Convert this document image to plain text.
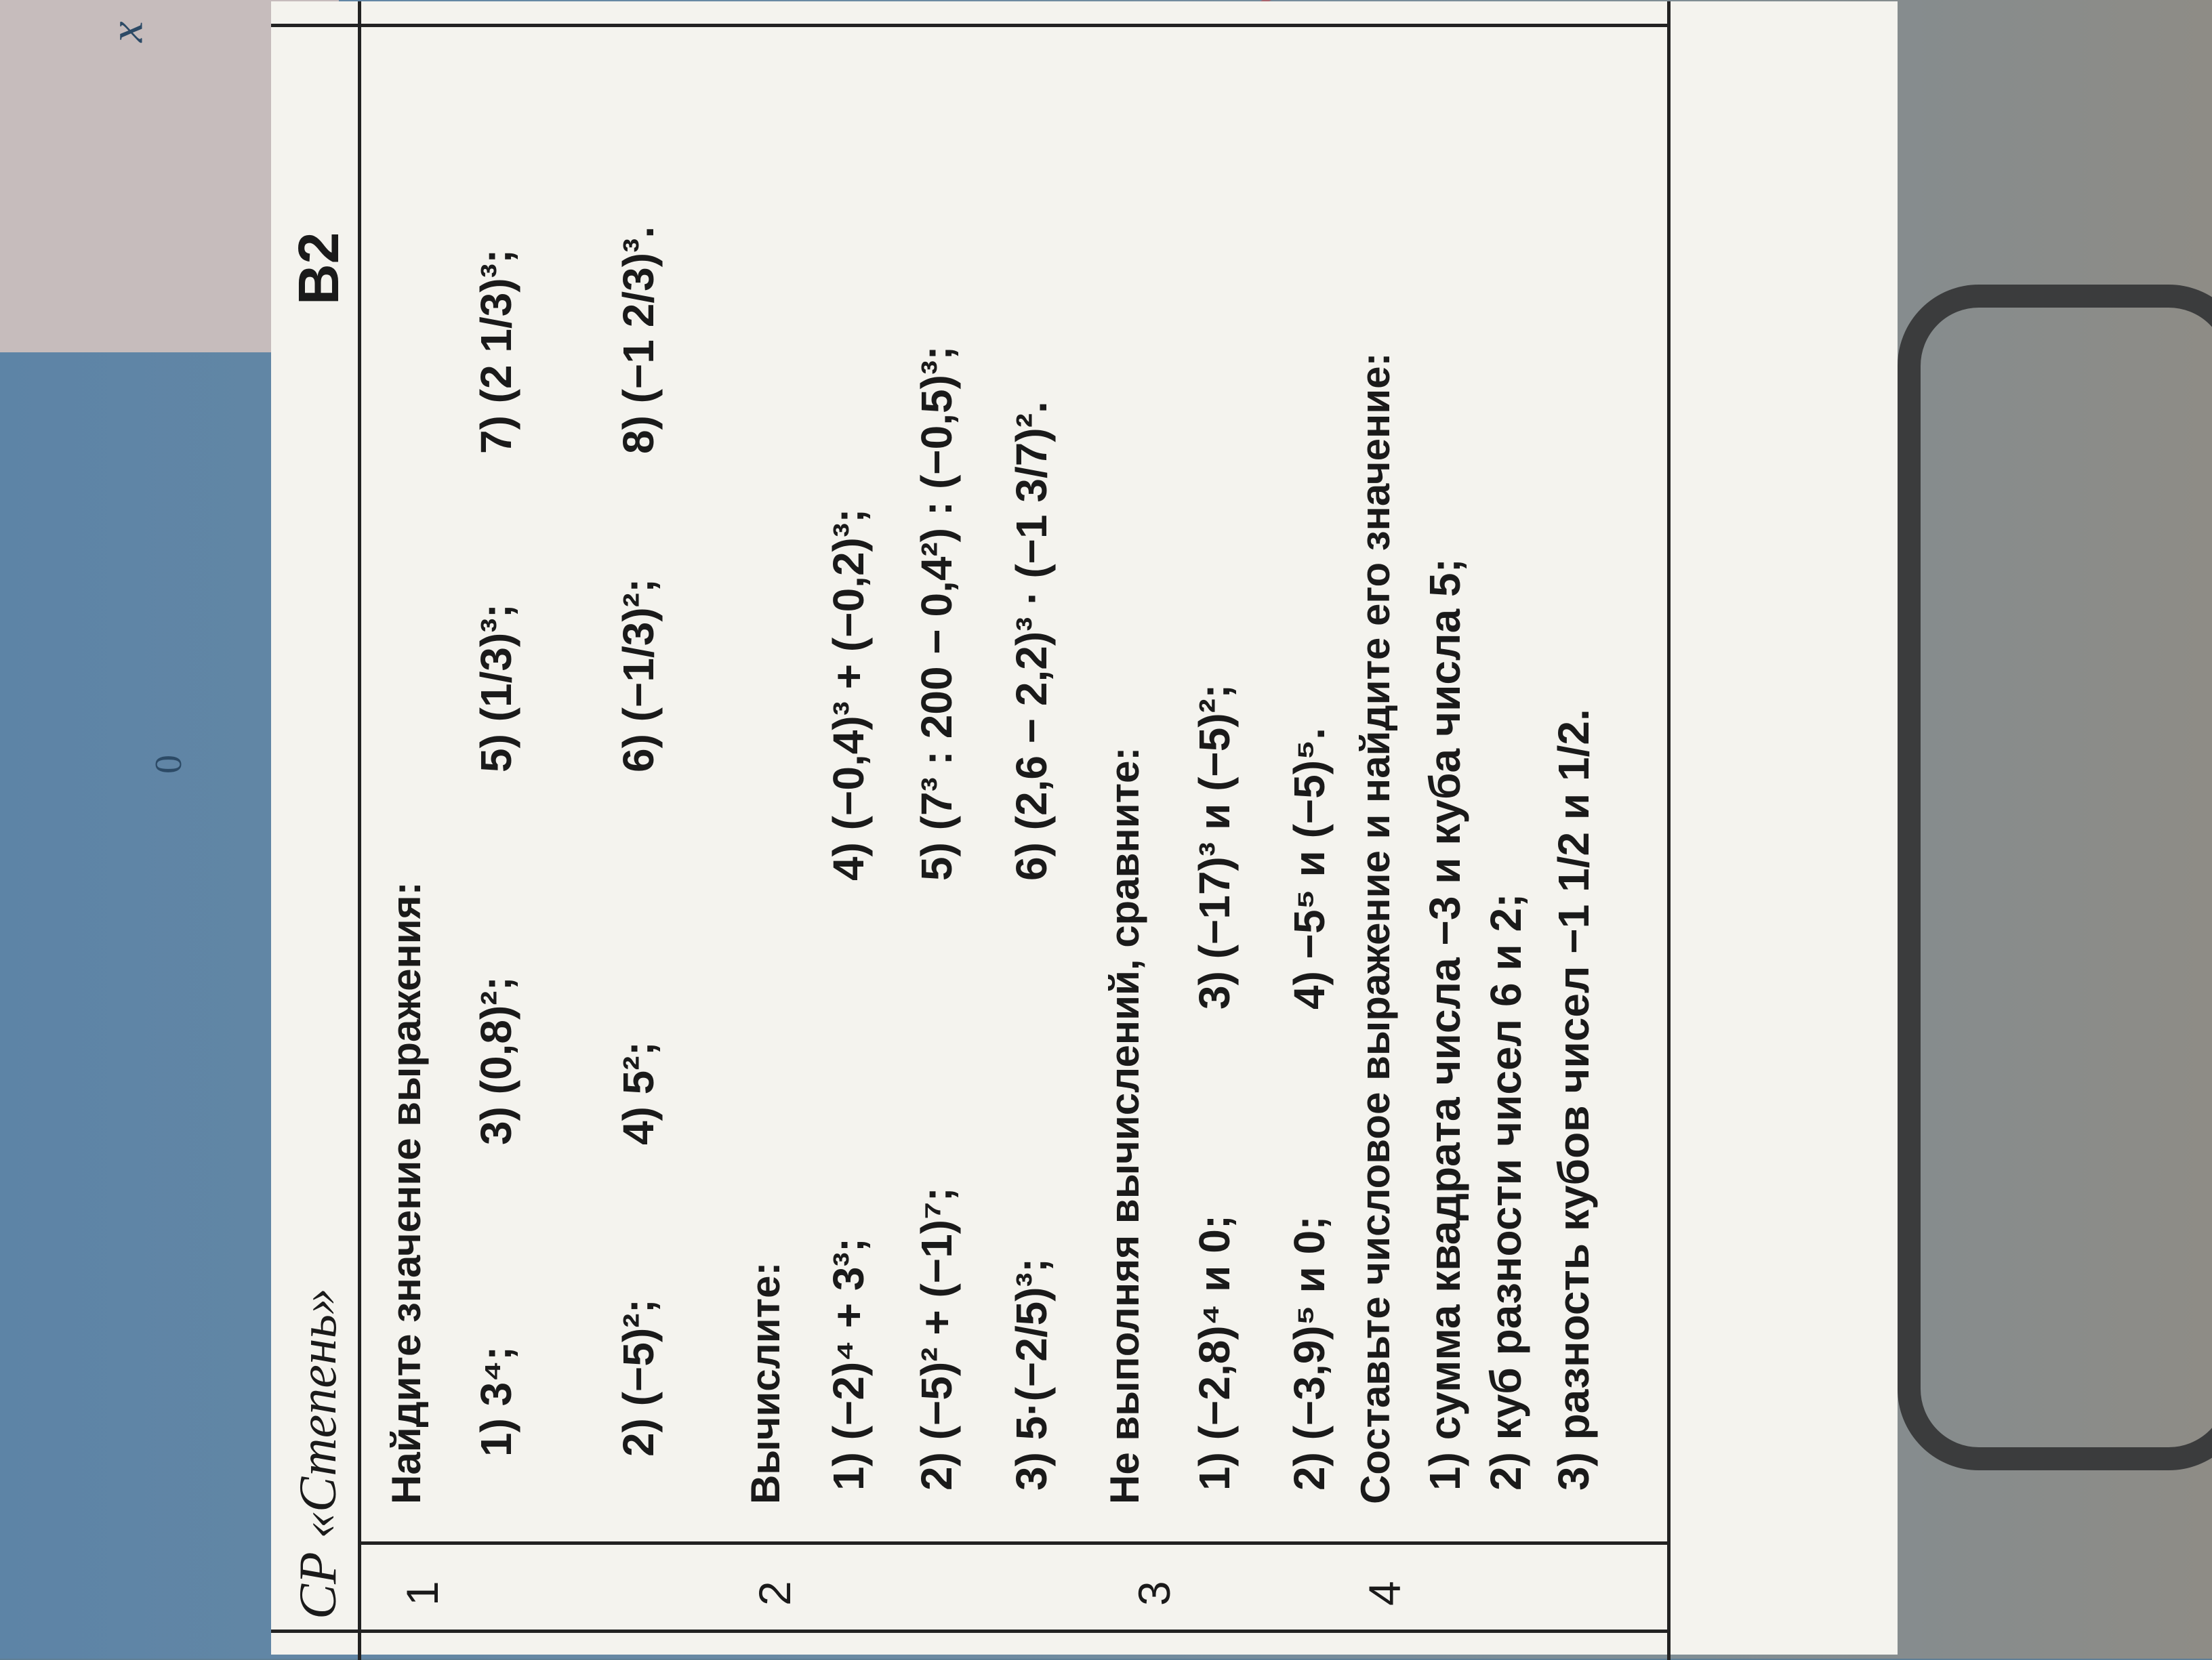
x
0
СР «Степень»
В2
1
Найдите значение выражения: 1) 3⁴;
3) (0,8)²;
5) (1/3)³;
7) (2 1/3)³;
2) (−5)²;
4) 5²;
6) (−1/3)²;
8) (−1 2/3)³.
2
Вычислите: 1) (−2)⁴ + 3³;
4) (−0,4)³ + (−0,2)³;
2) (−5)² + (−1)⁷;
5) (7³ : 200 − 0,4²) : (−0,5)³;
3) 5·(−2/5)³;
6) (2,6 − 2,2)³ · (−1 3/7)².
3
Не выполняя вычислений, сравните: 1) (−2,8)⁴ и 0;
3) (−17)³ и (−5)²;
2) (−3,9)⁵ и 0;
4) −5⁵ и (−5)⁵.
4
Составьте числовое выражение и найдите его значение: 1) сумма квадрата числа −3 и куба числа 5; 2) куб разности чисел 6 и 2; 3) разность кубов чисел −1 1/2 и 1/2.
